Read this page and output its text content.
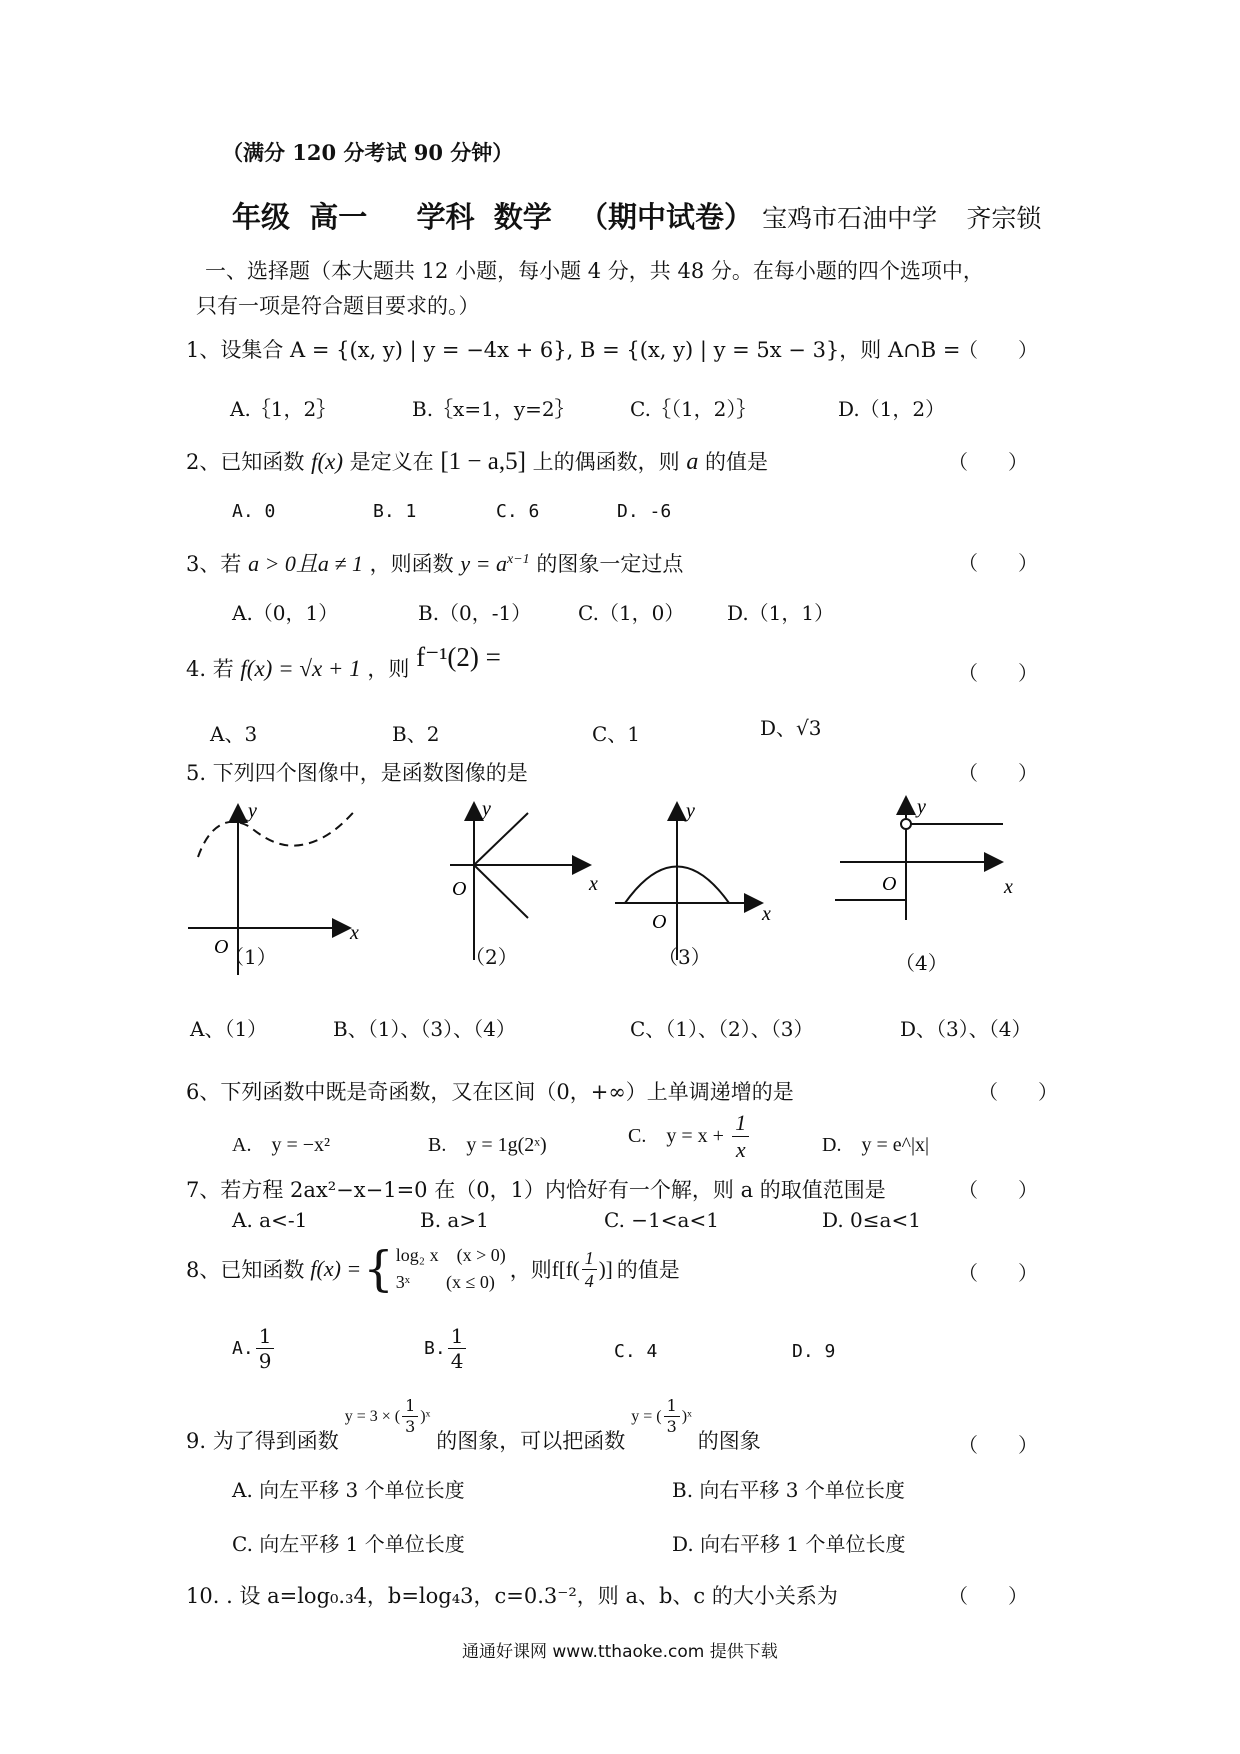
（满分 120 分考试 90 分钟）
年级 高一 学科 数学 （期中试卷） 宝鸡市石油中学 齐宗锁
一、选择题（本大题共 12 小题，每小题 4 分，共 48 分。在每小题的四个选项中，
只有一项是符合题目要求的。）
1、设集合 A = {(x, y) | y = −4x + 6}, B = {(x, y) | y = 5x − 3}，则 A∩B =
（　　）
A.｛1，2｝	B.｛x=1，y=2｝	C.｛（1，2）｝	D.（1，2）
2、已知函数 f(x) 是定义在 [1 − a,5] 上的偶函数，则 a 的值是	（　　）
A. 0	B. 1	C. 6	D. -6
3、若 a > 0且a ≠ 1 ，则函数 $y = a^{x-1}$ 的图象一定过点	（　　）
A.（0，1）	B.（0，-1） C.（1，0） D.（1，1）
4. 若 f(x) = √x + 1 ，则 f⁻¹(2) =
（　　）
A、3	B、2	C、1	D、√3
5. 下列四个图像中，是函数图像的是	（　　）
y
x
O
y
x
O
y
x
O
y
x
O
（1）	（2）	（3）	（4）
A、（1）	B、（1）、（3）、（4）	C、（1）、（2）、（3）	D、（3）、（4）
6、下列函数中既是奇函数，又在区间（0，+∞）上单调递增的是	（　　）
A.　y = −x²	B.　y = 1g(2ˣ)	C.　$y = x + \frac{1}{x}$	D.　y = e^|x|
7、若方程 2ax²−x−1=0 在（0，1）内恰好有一个解，则 a 的取值范围是	（　　）
A. a<-1	B. a>1	C. −1<a<1	D. 0≤a<1
8、已知函数 f(x) = { log₂ x　(x > 0)
3ˣ　　(x ≤ 0) ，则 $f[f( \frac{1}{4}$ )] 的值是	（　　）
A. $\frac{1}{9}$	B. $\frac{1}{4}$	C. 4	D. 9
9. 为了得到函数
y = 3 × ( $\frac{1}{3}$ )ˣ
的图象，可以把函数
y = ( $\frac{1}{3}$ )ˣ
的图象	（　　）
A. 向左平移 3 个单位长度	B. 向右平移 3 个单位长度
C. 向左平移 1 个单位长度	D. 向右平移 1 个单位长度
10. . 设 a=log₀.₃4，b=log₄3，c=0.3⁻²，则 a、b、c 的大小关系为	（　　）
通通好课网 www.tthaoke.com 提供下载
